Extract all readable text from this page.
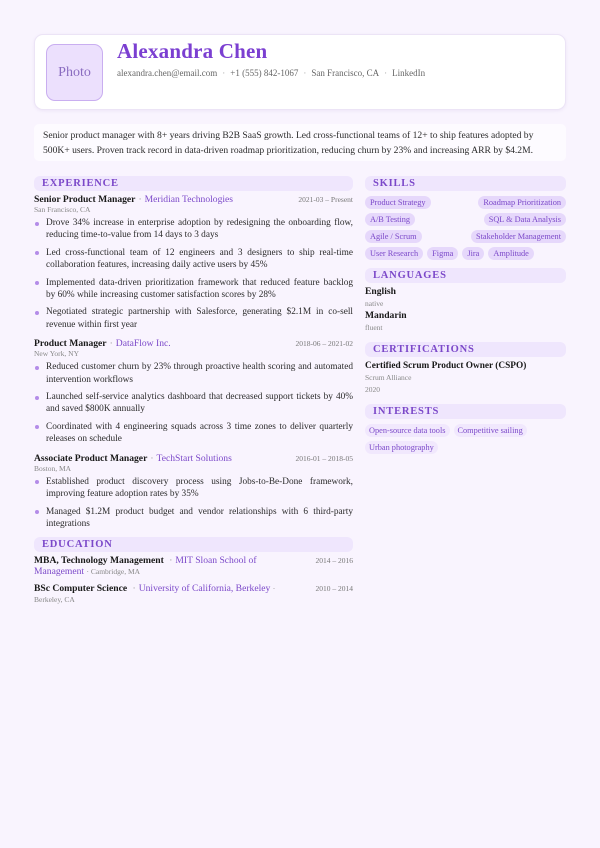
Photo
Alexandra Chen
alexandra.chen@email.com · +1 (555) 842-1067 · San Francisco, CA · LinkedIn
Senior product manager with 8+ years driving B2B SaaS growth. Led cross-functional teams of 12+ to ship features adopted by 500K+ users. Proven track record in data-driven roadmap prioritization, reducing churn by 23% and increasing ARR by $4.2M.
EXPERIENCE
Senior Product Manager · Meridian Technologies	2021-03 – Present
San Francisco, CA
Drove 34% increase in enterprise adoption by redesigning the onboarding flow, reducing time-to-value from 14 days to 3 days
Led cross-functional team of 12 engineers and 3 designers to ship real-time collaboration features, increasing daily active users by 45%
Implemented data-driven prioritization framework that reduced feature backlog by 60% while increasing customer satisfaction scores by 28%
Negotiated strategic partnership with Salesforce, generating $2.1M in co-sell revenue within first year
Product Manager · DataFlow Inc.	2018-06 – 2021-02
New York, NY
Reduced customer churn by 23% through proactive health scoring and automated intervention workflows
Launched self-service analytics dashboard that decreased support tickets by 40% and saved $800K annually
Coordinated with 4 engineering squads across 3 time zones to deliver quarterly releases on schedule
Associate Product Manager · TechStart Solutions	2016-01 – 2018-05
Boston, MA
Established product discovery process using Jobs-to-Be-Done framework, improving feature adoption rates by 35%
Managed $1.2M product budget and vendor relationships with 6 third-party integrations
EDUCATION
MBA, Technology Management · MIT Sloan School of Management · Cambridge, MA
2014 – 2016
BSc Computer Science · University of California, Berkeley · Berkeley, CA
2010 – 2014
SKILLS
Product Strategy	Roadmap Prioritization
A/B Testing	SQL & Data Analysis
Agile / Scrum	Stakeholder Management
User Research	Figma	Jira	Amplitude
LANGUAGES
English
native
Mandarin
fluent
CERTIFICATIONS
Certified Scrum Product Owner (CSPO)
Scrum Alliance
2020
INTERESTS
Open-source data tools	Competitive sailing
Urban photography
